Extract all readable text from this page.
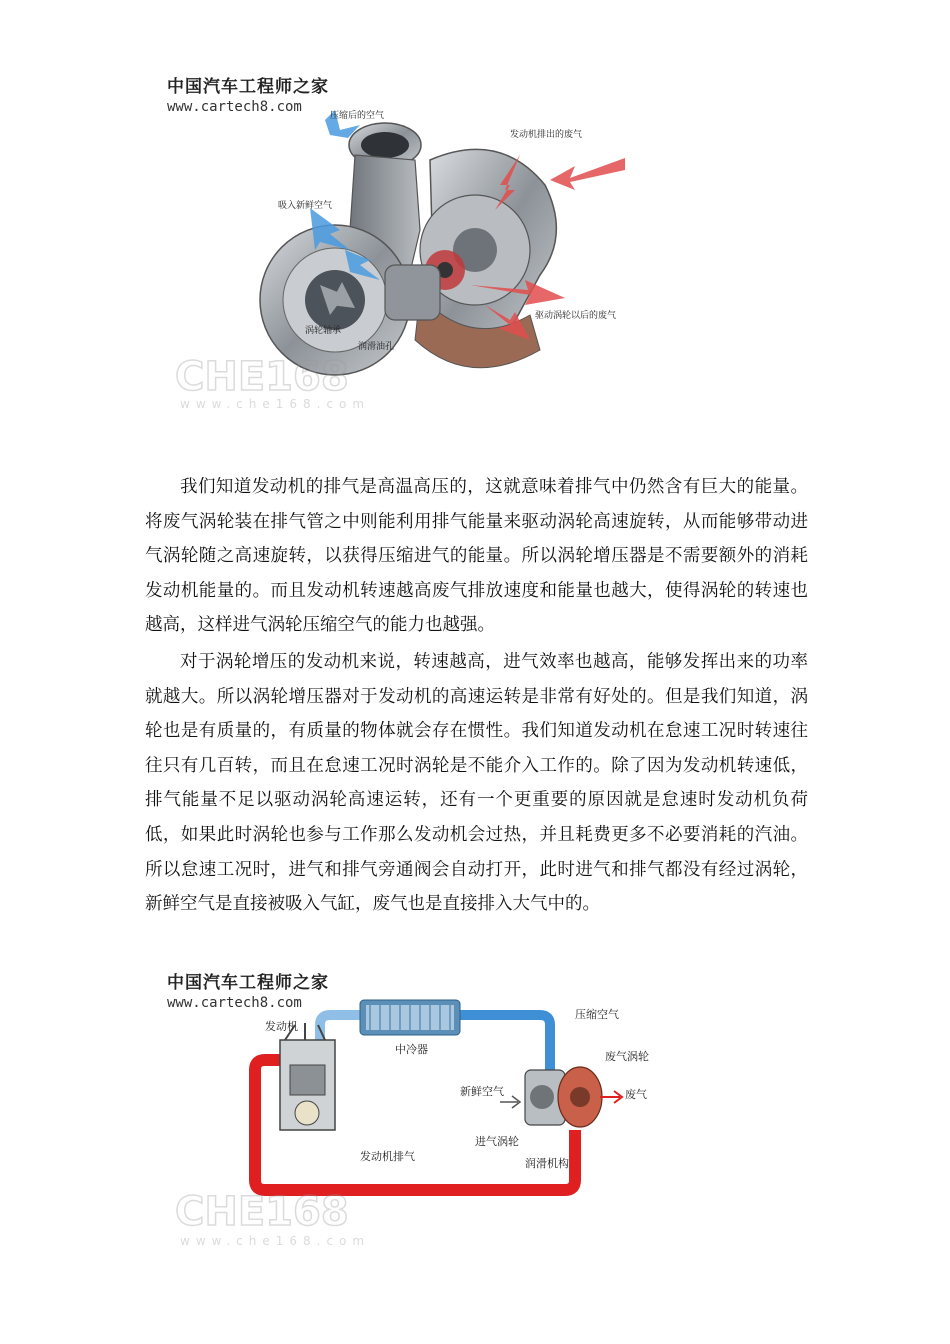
中国汽车工程师之家
www.cartech8.com
压缩后的空气
发动机排出的废气
吸入新鲜空气
涡轮轴承
润滑油孔
驱动涡轮以后的废气
CHE168
www.che168.com

我们知道发动机的排气是高温高压的，这就意味着排气中仍然含有巨大的能量。将废气涡轮装在排气管之中则能利用排气能量来驱动涡轮高速旋转，从而能够带动进气涡轮随之高速旋转，以获得压缩进气的能量。所以涡轮增压器是不需要额外的消耗发动机能量的。而且发动机转速越高废气排放速度和能量也越大，使得涡轮的转速也越高，这样进气涡轮压缩空气的能力也越强。

对于涡轮增压的发动机来说，转速越高，进气效率也越高，能够发挥出来的功率就越大。所以涡轮增压器对于发动机的高速运转是非常有好处的。但是我们知道，涡轮也是有质量的，有质量的物体就会存在惯性。我们知道发动机在怠速工况时转速往往只有几百转，而且在怠速工况时涡轮是不能介入工作的。除了因为发动机转速低，排气能量不足以驱动涡轮高速运转，还有一个更重要的原因就是怠速时发动机负荷低，如果此时涡轮也参与工作那么发动机会过热，并且耗费更多不必要消耗的汽油。所以怠速工况时，进气和排气旁通阀会自动打开，此时进气和排气都没有经过涡轮，新鲜空气是直接被吸入气缸，废气也是直接排入大气中的。

中国汽车工程师之家
www.cartech8.com
发动机
中冷器
压缩空气
废气涡轮
废气
新鲜空气
进气涡轮
润滑机构
发动机排气
CHE168
www.che168.com
